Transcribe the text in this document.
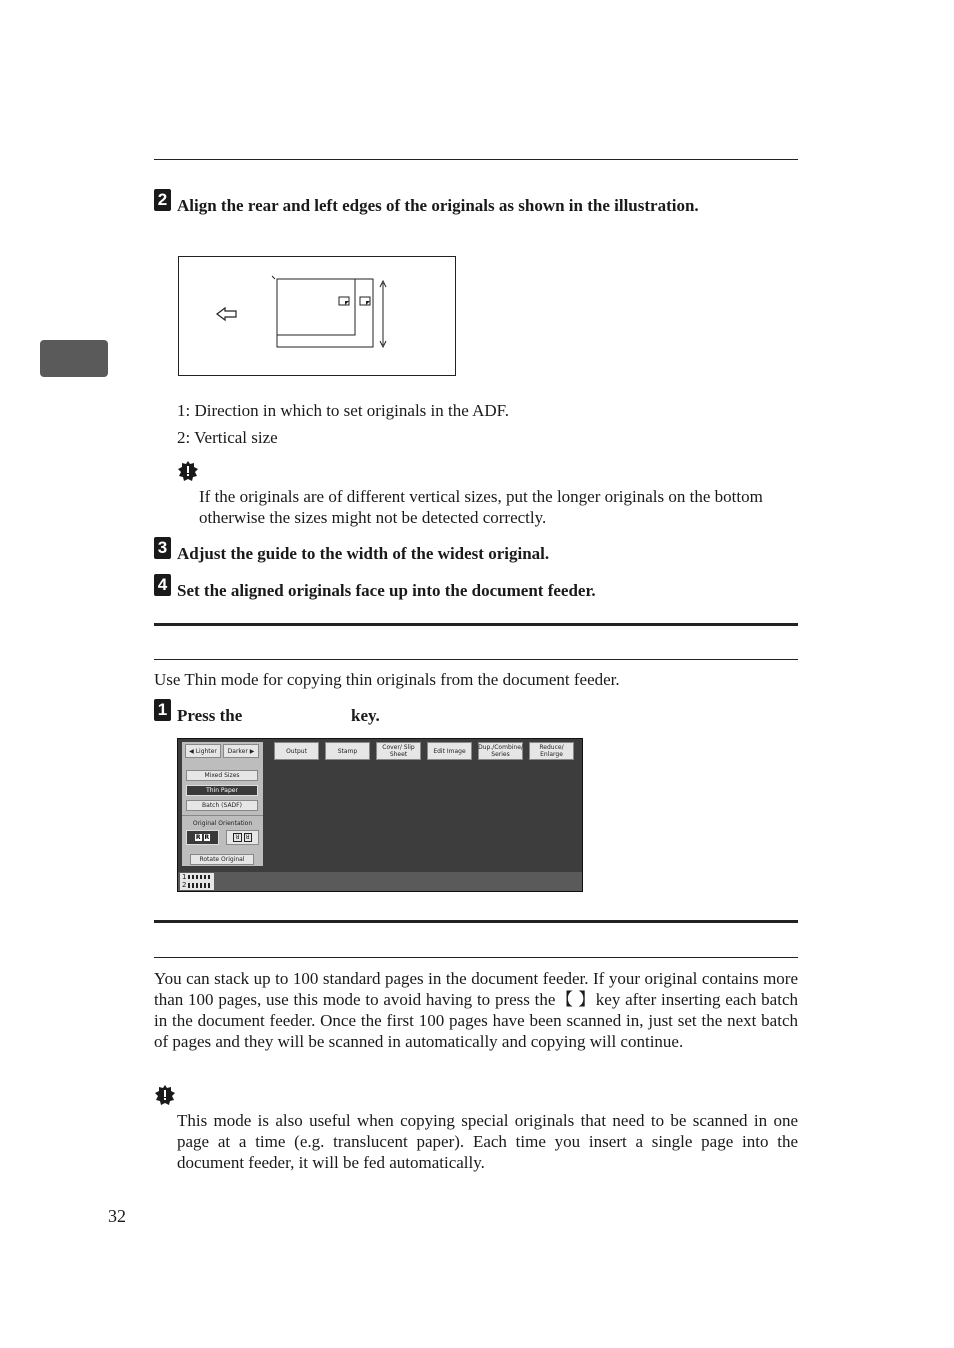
2 Align the rear and left edges of the originals as shown in the illustration.
1: Direction in which to set originals in the ADF.
2: Vertical size
If the originals are of different vertical sizes, put the longer originals on the bottom otherwise the sizes might not be detected correctly.
3 Adjust the guide to the width of the widest original.
4 Set the aligned originals face up into the document feeder.
Use Thin mode for copying thin originals from the document feeder.
1 Press the	key.
◀ Lighter Darker ▶
Mixed Sizes
Thin Paper
Batch (SADF)
Original Orientation
R R	ꓤ	ꓤ
Rotate Original
Output	Stamp	Cover/ Slip Sheet	Edit Image	Dup./Combine/ Series
Reduce/ Enlarge
1
2
You can stack up to 100 standard pages in the document feeder. If your original contains more than 100 pages, use this mode to avoid having to press the【 】key after inserting each batch in the document feeder. Once the first 100 pages have been scanned in, just set the next batch of pages and they will be scanned in automatically and copying will continue.
This mode is also useful when copying special originals that need to be scanned in one page at a time (e.g. translucent paper). Each time you insert a single page into the document feeder, it will be fed automatically.
32
